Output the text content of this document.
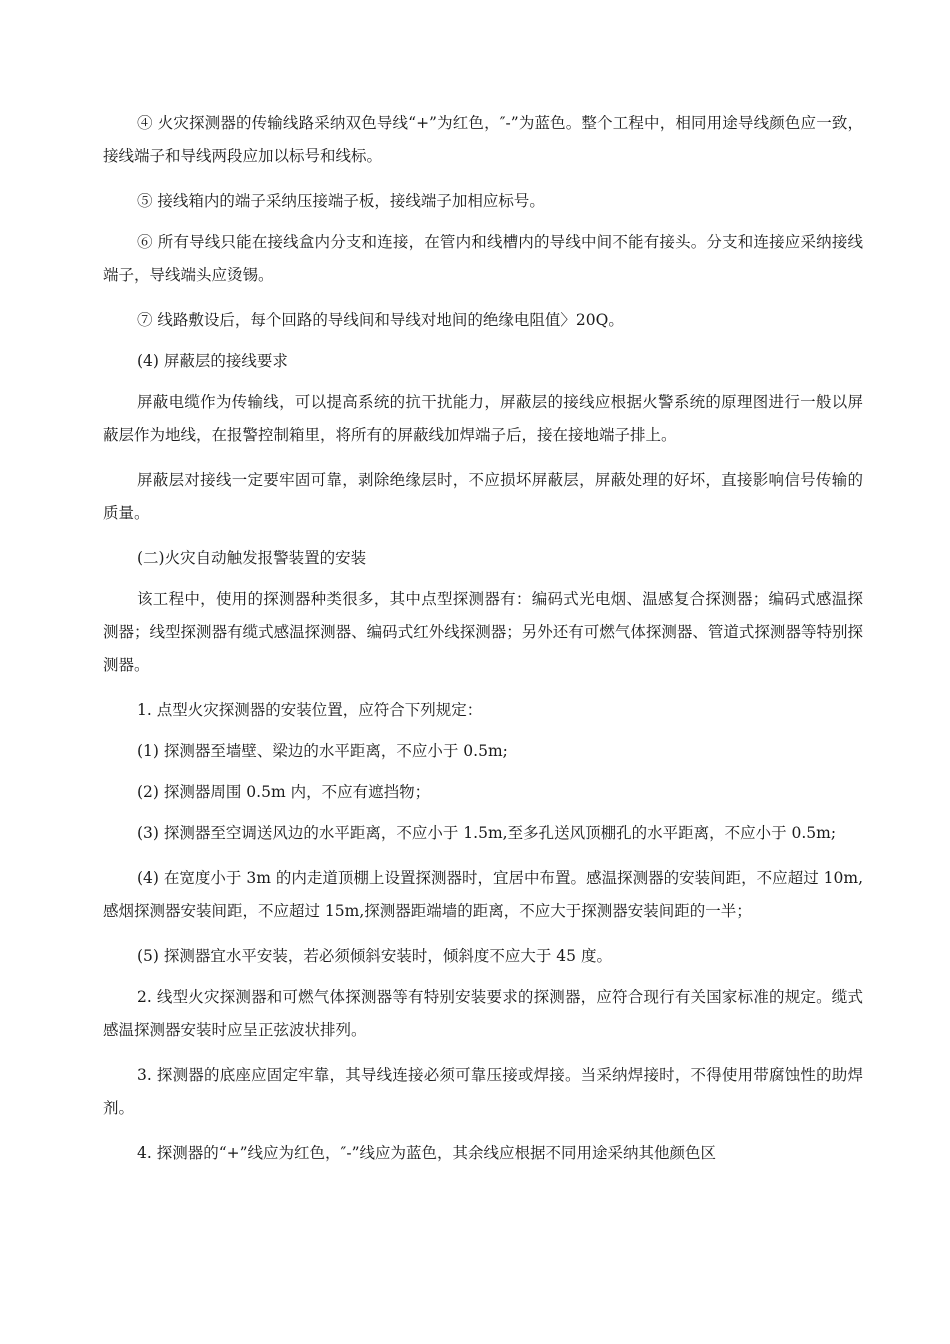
④ 火灾探测器的传输线路采纳双色导线“+”为红色，″-”为蓝色。整个工程中，相同用途导线颜色应一致，接线端子和导线两段应加以标号和线标。

⑤ 接线箱内的端子采纳压接端子板，接线端子加相应标号。

⑥ 所有导线只能在接线盒内分支和连接，在管内和线槽内的导线中间不能有接头。分支和连接应采纳接线端子，导线端头应烫锡。

⑦ 线路敷设后，每个回路的导线间和导线对地间的绝缘电阻值〉20Q。

(4) 屏蔽层的接线要求

屏蔽电缆作为传输线，可以提高系统的抗干扰能力，屏蔽层的接线应根据火警系统的原理图进行一般以屏蔽层作为地线，在报警控制箱里，将所有的屏蔽线加焊端子后，接在接地端子排上。

屏蔽层对接线一定要牢固可靠，剥除绝缘层时，不应损坏屏蔽层，屏蔽处理的好坏，直接影响信号传输的质量。

(二)火灾自动触发报警装置的安装

该工程中，使用的探测器种类很多，其中点型探测器有：编码式光电烟、温感复合探测器；编码式感温探测器；线型探测器有缆式感温探测器、编码式红外线探测器；另外还有可燃气体探测器、管道式探测器等特别探测器。

1. 点型火灾探测器的安装位置，应符合下列规定：

(1) 探测器至墙壁、梁边的水平距离，不应小于 0.5m;

(2) 探测器周围 0.5m 内，不应有遮挡物；

(3) 探测器至空调送风边的水平距离，不应小于 1.5m,至多孔送风顶棚孔的水平距离，不应小于 0.5m;

(4) 在宽度小于 3m 的内走道顶棚上设置探测器时，宜居中布置。感温探测器的安装间距，不应超过 10m,感烟探测器安装间距，不应超过 15m,探测器距端墙的距离，不应大于探测器安装间距的一半；

(5) 探测器宜水平安装，若必须倾斜安装时，倾斜度不应大于 45 度。

2. 线型火灾探测器和可燃气体探测器等有特别安装要求的探测器，应符合现行有关国家标准的规定。缆式感温探测器安装时应呈正弦波状排列。

3. 探测器的底座应固定牢靠，其导线连接必须可靠压接或焊接。当采纳焊接时，不得使用带腐蚀性的助焊剂。

4. 探测器的“+”线应为红色，″-”线应为蓝色，其余线应根据不同用途采纳其他颜色区
